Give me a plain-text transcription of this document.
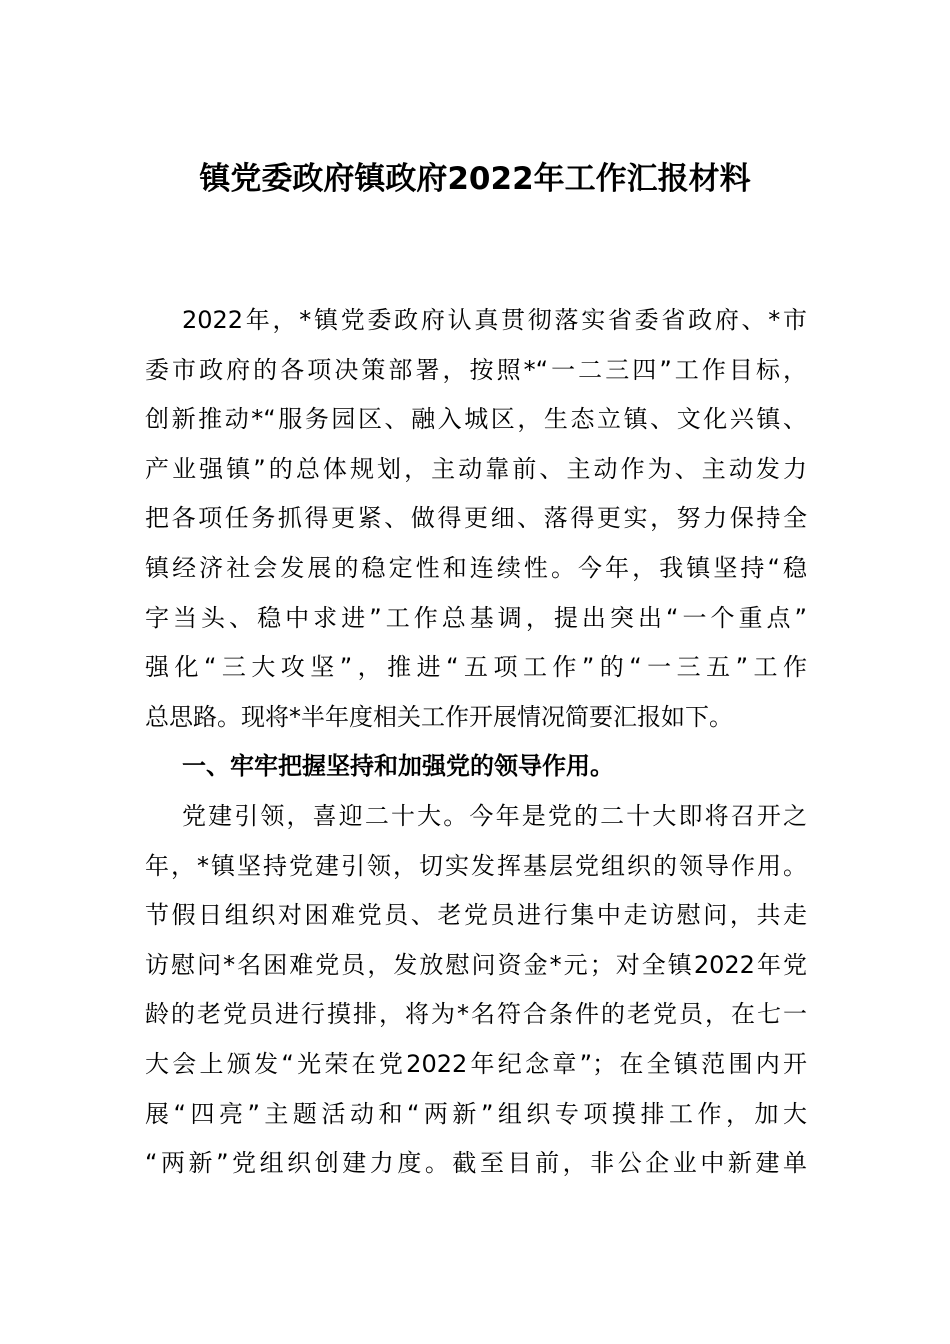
镇党委政府镇政府2022年工作汇报材料
2022年，*镇党委政府认真贯彻落实省委省政府、*市
委市政府的各项决策部署，按照*“一二三四”工作目标，
创新推动*“服务园区、融入城区，生态立镇、文化兴镇、
产业强镇”的总体规划，主动靠前、主动作为、主动发力
把各项任务抓得更紧、做得更细、落得更实，努力保持全
镇经济社会发展的稳定性和连续性。今年，我镇坚持“稳
字当头、稳中求进”工作总基调，提出突出“一个重点”
强化“三大攻坚”，推进“五项工作”的“一三五”工作
总思路。现将*半年度相关工作开展情况简要汇报如下。
一、牢牢把握坚持和加强党的领导作用。
党建引领，喜迎二十大。今年是党的二十大即将召开之
年，*镇坚持党建引领，切实发挥基层党组织的领导作用。
节假日组织对困难党员、老党员进行集中走访慰问，共走
访慰问*名困难党员，发放慰问资金*元；对全镇2022年党
龄的老党员进行摸排，将为*名符合条件的老党员，在七一
大会上颁发“光荣在党2022年纪念章”；在全镇范围内开
展“四亮”主题活动和“两新”组织专项摸排工作，加大
“两新”党组织创建力度。截至目前，非公企业中新建单
